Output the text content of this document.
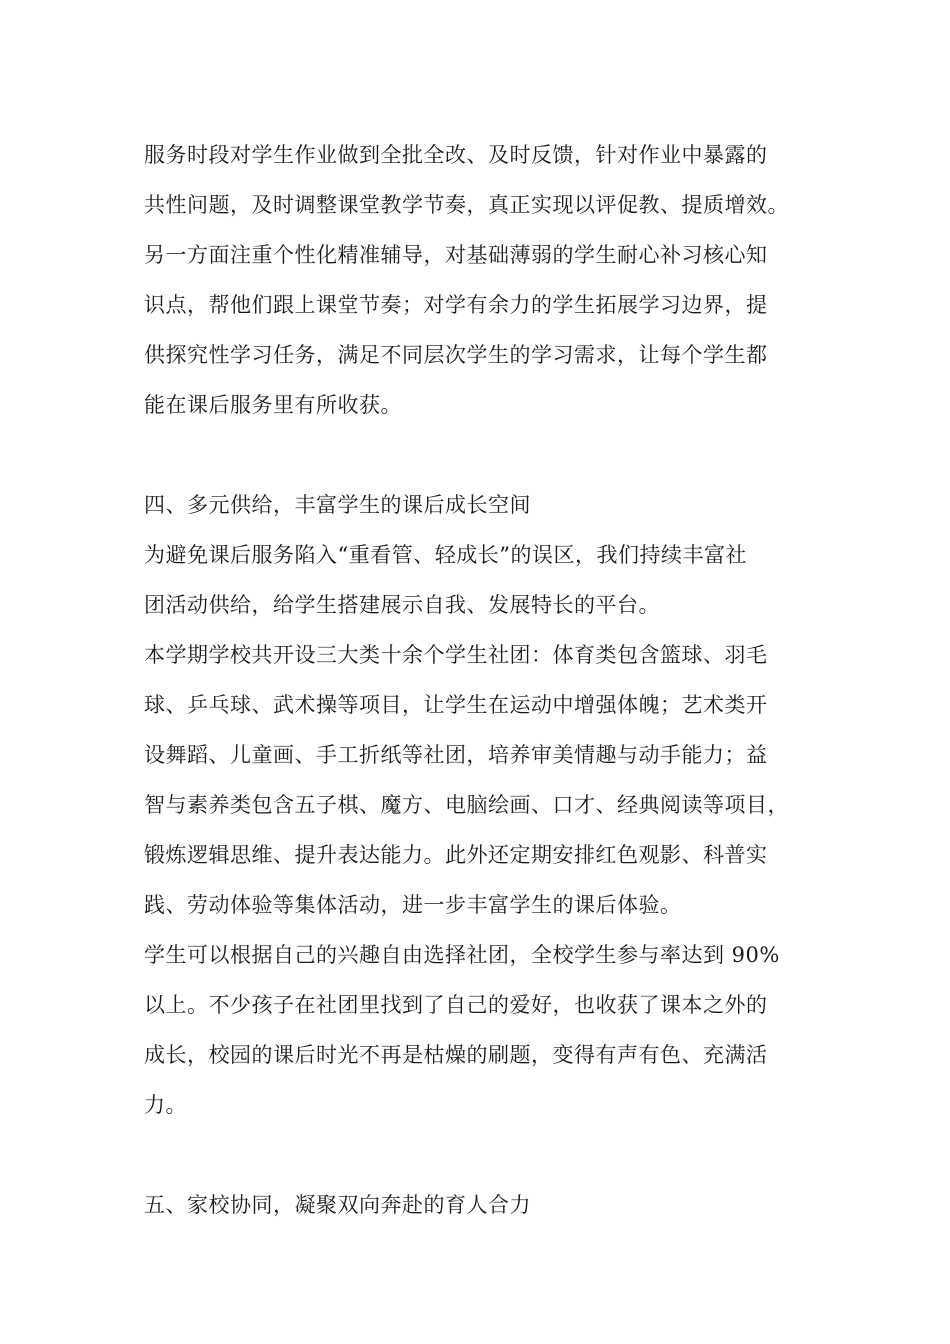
服务时段对学生作业做到全批全改、及时反馈，针对作业中暴露的
共性问题，及时调整课堂教学节奏，真正实现以评促教、提质增效。
另一方面注重个性化精准辅导，对基础薄弱的学生耐心补习核心知
识点，帮他们跟上课堂节奏；对学有余力的学生拓展学习边界，提
供探究性学习任务，满足不同层次学生的学习需求，让每个学生都
能在课后服务里有所收获。
四、多元供给，丰富学生的课后成长空间
为避免课后服务陷入“重看管、轻成长”的误区，我们持续丰富社
团活动供给，给学生搭建展示自我、发展特长的平台。
本学期学校共开设三大类十余个学生社团：体育类包含篮球、羽毛
球、乒乓球、武术操等项目，让学生在运动中增强体魄；艺术类开
设舞蹈、儿童画、手工折纸等社团，培养审美情趣与动手能力；益
智与素养类包含五子棋、魔方、电脑绘画、口才、经典阅读等项目，
锻炼逻辑思维、提升表达能力。此外还定期安排红色观影、科普实
践、劳动体验等集体活动，进一步丰富学生的课后体验。
学生可以根据自己的兴趣自由选择社团，全校学生参与率达到 90%
以上。不少孩子在社团里找到了自己的爱好，也收获了课本之外的
成长，校园的课后时光不再是枯燥的刷题，变得有声有色、充满活
力。
五、家校协同，凝聚双向奔赴的育人合力
